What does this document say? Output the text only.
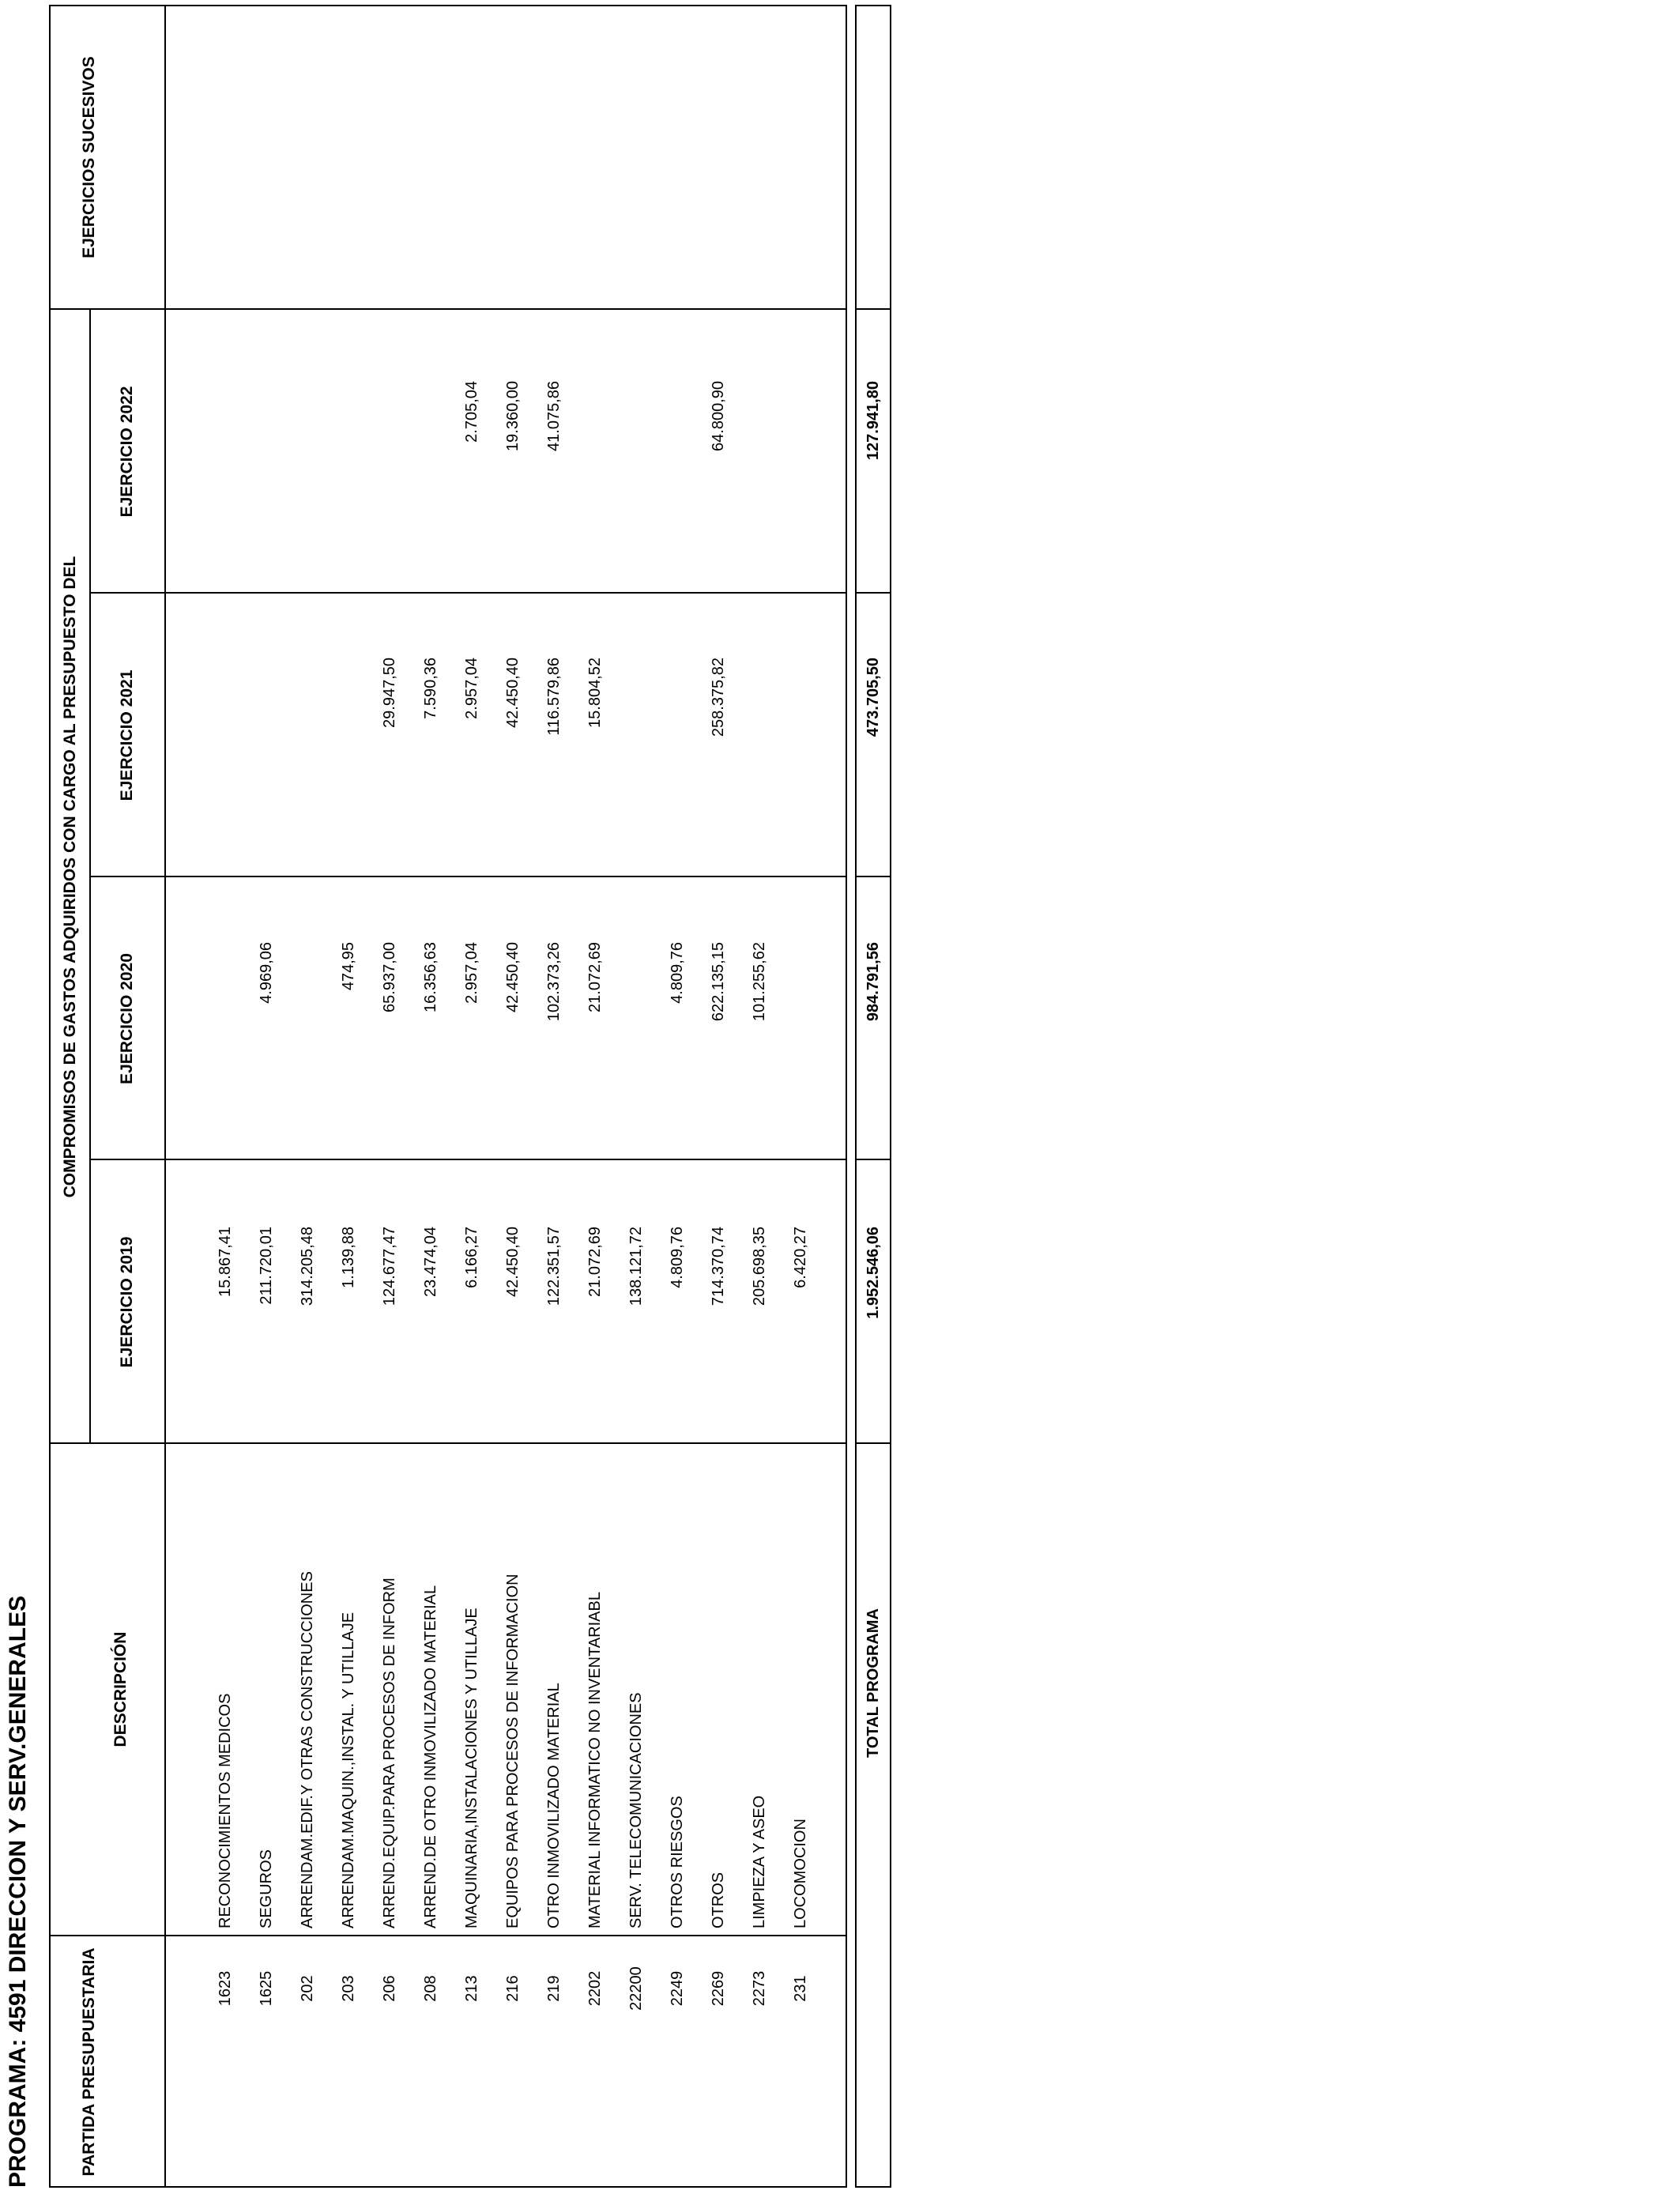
PROGRAMA: 4591 DIRECCION Y SERV.GENERALES	PARTIDA PRESUPUESTARIA
DESCRIPCIÓN
COMPROMISOS DE GASTOS ADQUIRIDOS CON CARGO AL PRESUPUESTO DEL
EJERCICIO 2019
EJERCICIO 2020
EJERCICIO 2021
EJERCICIO 2022
EJERCICIOS SUCESIVOS
1623
RECONOCIMIENTOS MEDICOS
15.867,41
1625
SEGUROS
211.720,01
4.969,06
202
ARRENDAM.EDIF.Y OTRAS CONSTRUCCIONES
314.205,48
203
ARRENDAM.MAQUIN.,INSTAL. Y UTILLAJE
1.139,88
474,95
206
ARREND.EQUIP.PARA PROCESOS DE INFORM
124.677,47
65.937,00
29.947,50
208
ARREND.DE OTRO INMOVILIZADO MATERIAL
23.474,04
16.356,63
7.590,36
213
MAQUINARIA,INSTALACIONES Y UTILLAJE
6.166,27
2.957,04
2.957,04
2.705,04
216
EQUIPOS PARA PROCESOS DE INFORMACION
42.450,40
42.450,40
42.450,40
19.360,00
219
OTRO INMOVILIZADO MATERIAL
122.351,57
102.373,26
116.579,86
41.075,86
2202
MATERIAL INFORMATICO NO INVENTARIABL
21.072,69
21.072,69
15.804,52
22200
SERV. TELECOMUNICACIONES
138.121,72
2249
OTROS RIESGOS
4.809,76
4.809,76
2269
OTROS
714.370,74
622.135,15
258.375,82
64.800,90
2273
LIMPIEZA Y ASEO
205.698,35
101.255,62
231
LOCOMOCION
6.420,27
TOTAL PROGRAMA
1.952.546,06
984.791,56
473.705,50
127.941,80
